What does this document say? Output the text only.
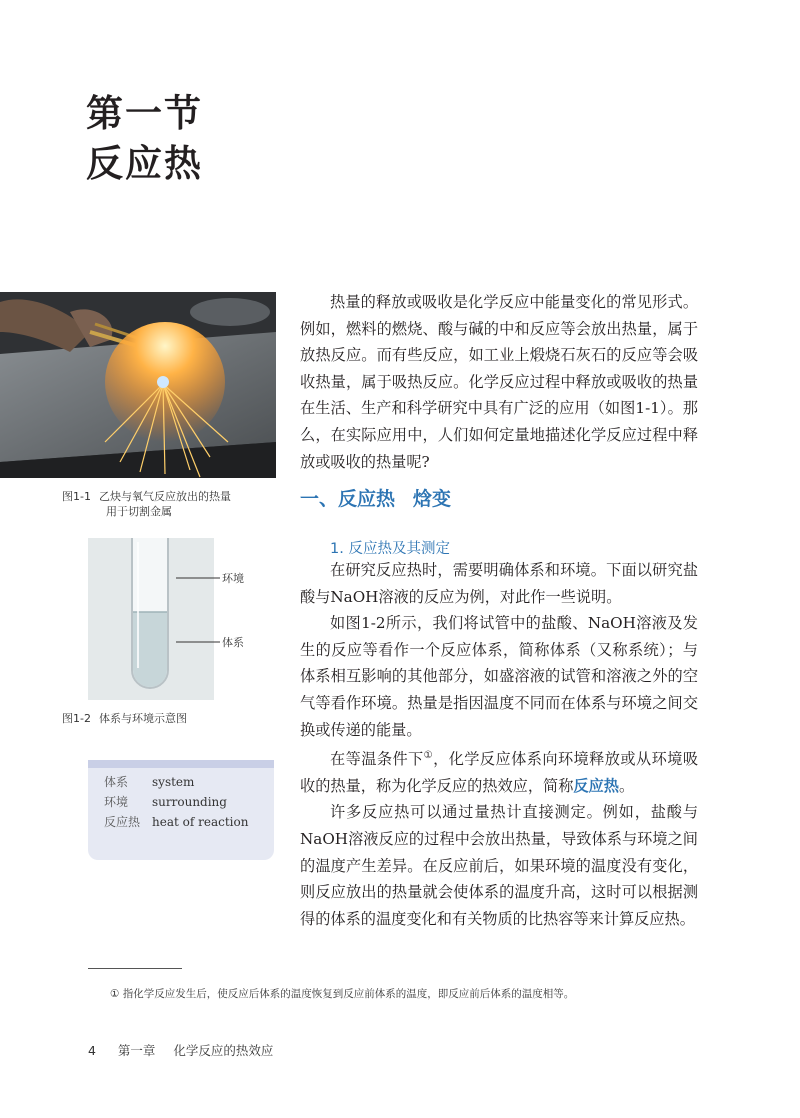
第一节
反应热
图1-1 乙炔与氧气反应放出的热量
用于切割金属
环境
体系
图1-2 体系与环境示意图
体系 system
环境 surrounding
反应热 heat of reaction

热量的释放或吸收是化学反应中能量变化的常见形式。例如，燃料的燃烧、酸与碱的中和反应等会放出热量，属于放热反应。而有些反应，如工业上煅烧石灰石的反应等会吸收热量，属于吸热反应。化学反应过程中释放或吸收的热量在生活、生产和科学研究中具有广泛的应用（如图1-1）。那么，在实际应用中，人们如何定量地描述化学反应过程中释放或吸收的热量呢?

一、反应热 焓变
1. 反应热及其测定

在研究反应热时，需要明确体系和环境。下面以研究盐酸与NaOH溶液的反应为例，对此作一些说明。

如图1-2所示，我们将试管中的盐酸、NaOH溶液及发生的反应等看作一个反应体系，简称体系（又称系统）；与体系相互影响的其他部分，如盛溶液的试管和溶液之外的空气等看作环境。热量是指因温度不同而在体系与环境之间交换或传递的能量。

在等温条件下①，化学反应体系向环境释放或从环境吸收的热量，称为化学反应的热效应，简称反应热。

许多反应热可以通过量热计直接测定。例如，盐酸与NaOH溶液反应的过程中会放出热量，导致体系与环境之间的温度产生差异。在反应前后，如果环境的温度没有变化，则反应放出的热量就会使体系的温度升高，这时可以根据测得的体系的温度变化和有关物质的比热容等来计算反应热。

① 指化学反应发生后，使反应后体系的温度恢复到反应前体系的温度，即反应前后体系的温度相等。
4 第一章 化学反应的热效应
